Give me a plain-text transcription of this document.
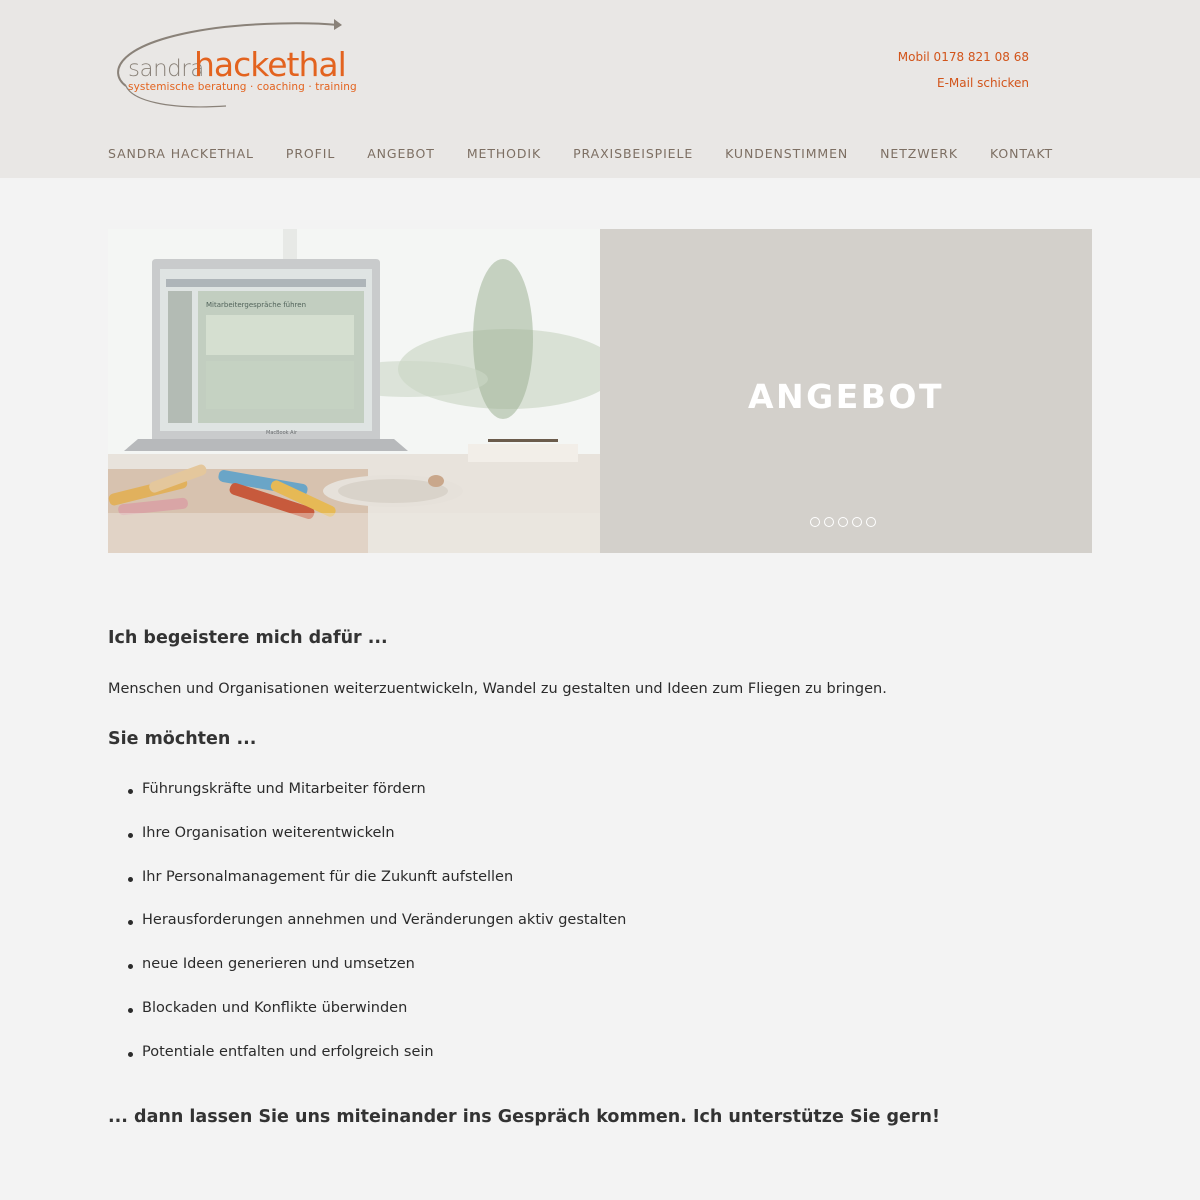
sandra
hackethal
systemische beratung · coaching · training
Mobil 0178 821 08 68
E-Mail schicken
SANDRA HACKETHAL	PROFIL	ANGEBOT	METHODIK	PRAXISBEISPIELE	KUNDENSTIMMEN	NETZWERK	KONTAKT
Mitarbeitergespräche führen
MacBook Air
ANGEBOT
Ich begeistere mich dafür ...

Menschen und Organisationen weiterzuentwickeln, Wandel zu gestalten und Ideen zum Fliegen zu bringen.

Sie möchten ...
Führungskräfte und Mitarbeiter fördern
Ihre Organisation weiterentwickeln
Ihr Personalmanagement für die Zukunft aufstellen
Herausforderungen annehmen und Veränderungen aktiv gestalten
neue Ideen generieren und umsetzen
Blockaden und Konflikte überwinden
Potentiale entfalten und erfolgreich sein
... dann lassen Sie uns miteinander ins Gespräch kommen. Ich unterstütze Sie gern!
